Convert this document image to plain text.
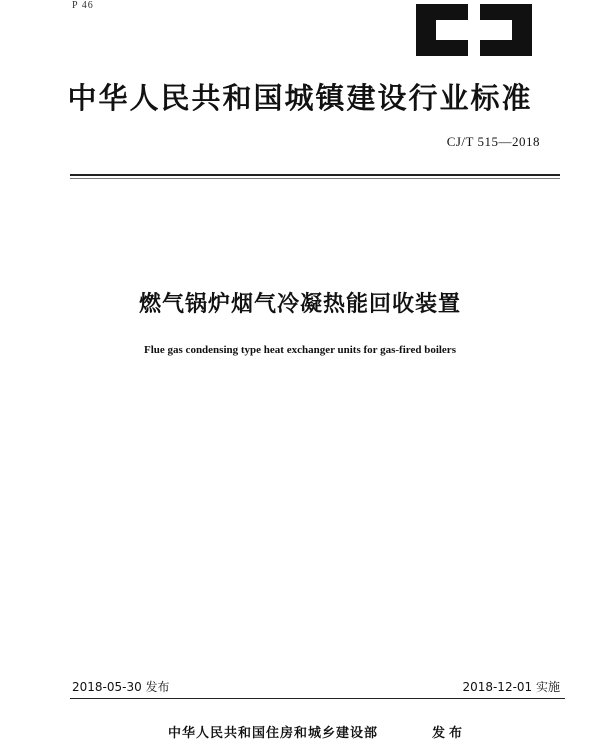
P 46
中华人民共和国城镇建设行业标准
CJ/T 515—2018
燃气锅炉烟气冷凝热能回收装置
Flue gas condensing type heat exchanger units for gas-fired boilers
2018-05-30 发布	2018-12-01 实施
中华人民共和国住房和城乡建设部	发布
